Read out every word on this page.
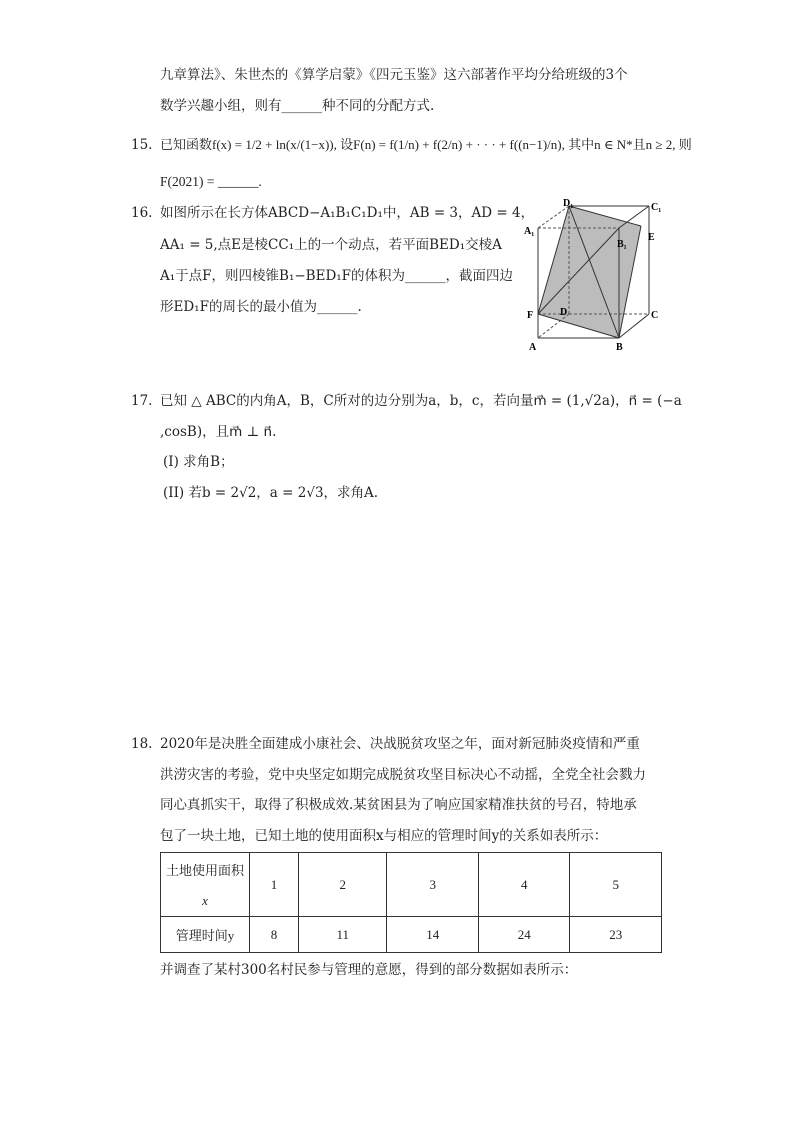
九章算法》、朱世杰的《算学启蒙》《四元玉鉴》这六部著作平均分给班级的3个
数学兴趣小组，则有______种不同的分配方式.
15. 已知函数f(x) = 1/2 + ln(x/(1−x)), 设F(n) = f(1/n) + f(2/n) + · · · + f((n−1)/n), 其中n ∈ N*且n ≥ 2, 则
F(2021) = ______.
16. 如图所示在长方体ABCD−A₁B₁C₁D₁中，AB = 3，AD = 4，
AA₁ = 5,点E是棱CC₁上的一个动点，若平面BED₁交棱A
A₁于点F，则四棱锥B₁−BED₁F的体积为______，截面四边
形ED₁F的周长的最小值为______.
D₁	C₁
A₁
B₁
E
F	D	C
A	B
17. 已知 △ ABC的内角A，B，C所对的边分别为a，b，c，若向量m⃗ = (1,√2a)，n⃗ = (−a
,cosB)，且m⃗ ⊥ n⃗.
(I) 求角B；
(II) 若b = 2√2，a = 2√3，求角A.
18. 2020年是决胜全面建成小康社会、决战脱贫攻坚之年，面对新冠肺炎疫情和严重
洪涝灾害的考验，党中央坚定如期完成脱贫攻坚目标决心不动摇，全党全社会戮力
同心真抓实干，取得了积极成效.某贫困县为了响应国家精准扶贫的号召，特地承
包了一块土地，已知土地的使用面积x与相应的管理时间y的关系如表所示：
土地使用面积
x	1	2	3	4	5
管理时间y	8	11	14	24	23
并调查了某村300名村民参与管理的意愿，得到的部分数据如表所示：
